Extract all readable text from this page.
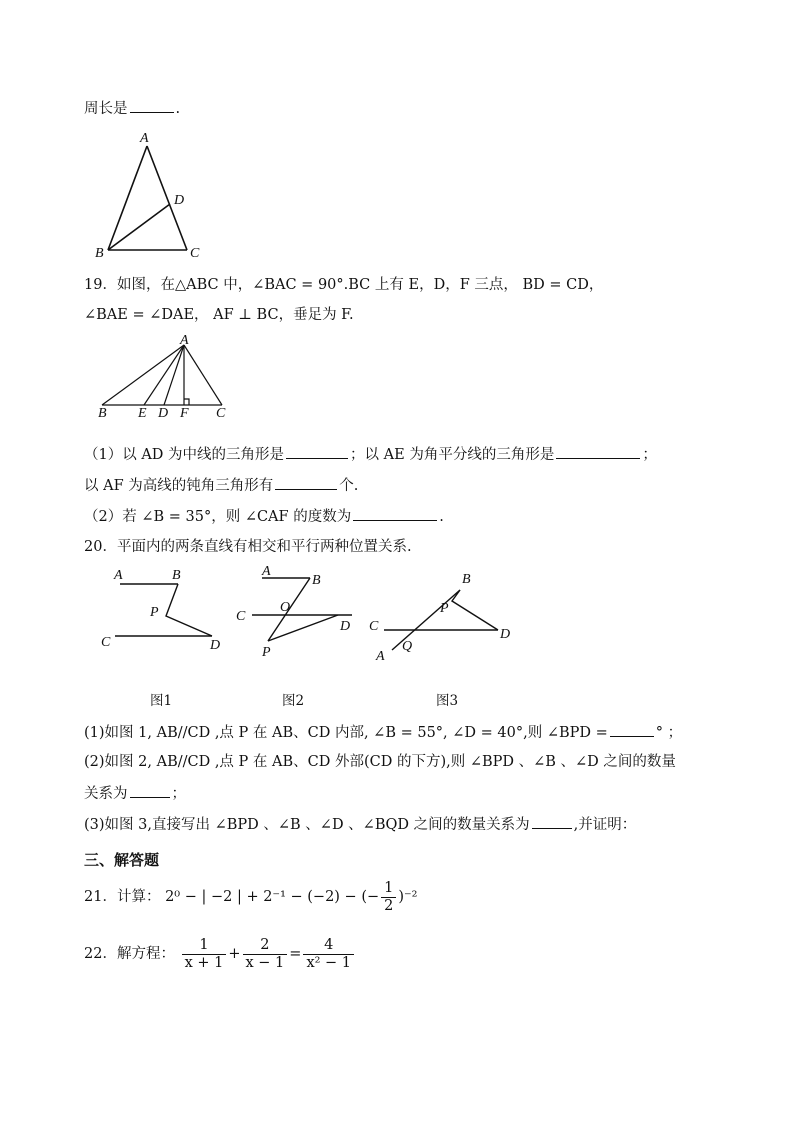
周长是	.
A
D
B	C
19．如图，在△ABC 中，∠BAC = 90°.BC 上有 E，D，F 三点， BD = CD，
∠BAE = ∠DAE， AF ⊥ BC，垂足为 F.
A
B E D F C
（1）以 AD 为中线的三角形是	；以 AE 为角平分线的三角形是	；
以 AF 为高线的钝角三角形有	个.
（2）若 ∠B = 35°，则 ∠CAF 的度数为	.
20．平面内的两条直线有相交和平行两种位置关系.
A	B
P
C	D
图1
A
B
O
C
D
P
图2
B
P
C
D
A
Q
图3
(1)如图 1, AB//CD ,点 P 在 AB、CD 内部, ∠B = 55°, ∠D = 40°,则 ∠BPD =	° ；
(2)如图 2, AB//CD ,点 P 在 AB、CD 外部(CD 的下方),则 ∠BPD 、∠B 、∠D 之间的数量
关系为	；
(3)如图 3,直接写出 ∠BPD 、∠B 、∠D 、∠BQD 之间的数量关系为	,并证明：
三、解答题
21．计算： 2⁰ − | −2 | + 2⁻¹ − (−2) − (− $\frac{1}{2} )^{-2}$
22．解方程： $\frac{1}{x + 1} + \frac{2}{x - 1} = \frac{4}{\text{x² − 1}}$
